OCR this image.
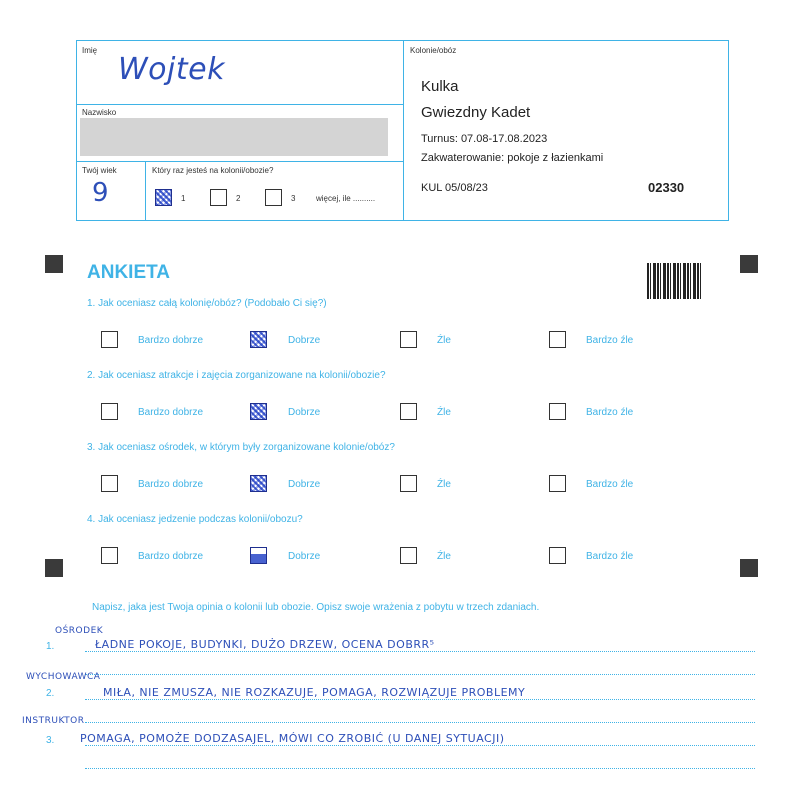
Imię
Wojtek
Nazwisko
Twój wiek
9
Który raz jesteś na kolonii/obozie?
1	2	3	więcej, ile ..........
Kolonie/obóz
Kulka
Gwiezdny Kadet
Turnus: 07.08-17.08.2023
Zakwaterowanie: pokoje z łazienkami
KUL 05/08/23	02330
ANKIETA
1. Jak oceniasz całą kolonię/obóz? (Podobało Ci się?)
Bardzo dobrze	Dobrze	Źle	Bardzo źle
2. Jak oceniasz atrakcje i zajęcia zorganizowane na kolonii/obozie?
Bardzo dobrze	Dobrze	Źle	Bardzo źle
3. Jak oceniasz ośrodek, w którym były zorganizowane kolonie/obóz?
Bardzo dobrze	Dobrze	Źle	Bardzo źle
4. Jak oceniasz jedzenie podczas kolonii/obozu?
Bardzo dobrze	Dobrze	Źle	Bardzo źle
Napisz, jaka jest Twoja opinia o kolonii lub obozie. Opisz swoje wrażenia z pobytu w trzech zdaniach.
1.
OŚRODEK
ŁADNE POKOJE, BUDYNKI, DUŻO DRZEW, OCENA DOBRR⁵
2.
WYCHOWAWCA
MIŁA, NIE ZMUSZA, NIE ROZKAZUJE, POMAGA, ROZWIĄZUJE PROBLEMY
3.
INSTRUKTOR
POMAGA, POMOŻE DODZASAJEL, MÓWI CO ZROBIĆ (U DANEJ SYTUACJI)
